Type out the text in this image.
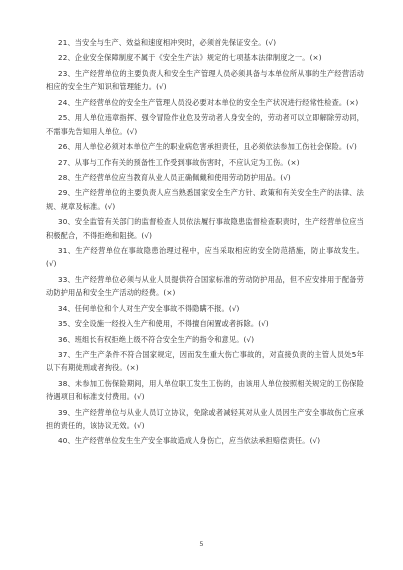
21、当安全与生产、效益和速度相冲突时，必须首先保证安全。(√)

22、企业安全保障制度不属于《安全生产法》规定的七项基本法律制度之一。(×)

23、生产经营单位的主要负责人和安全生产管理人员必须具备与本单位所从事的生产经营活动相应的安全生产知识和管理能力。(√)

24、生产经营单位的安全生产管理人员没必要对本单位的安全生产状况进行经常性检查。(×)

25、用人单位违章指挥、强令冒险作业危及劳动者人身安全的，劳动者可以立即解除劳动同，不需事先告知用人单位。(√)

26、用人单位必须对本单位产生的职业病危害承担责任，且必须依法参加工伤社会保险。(√)

27、从事与工作有关的预备性工作受到事故伤害时，不应认定为工伤。(×)

28、生产经营单位应当教育从业人员正确佩戴和使用劳动防护用品。(√)

29、生产经营单位的主要负责人应当熟悉国家安全生产方针、政策和有关安全生产的法律、法规、规章及标准。(√)

30、安全监管有关部门的监督检查人员依法履行事故隐患监督检查职责时，生产经营单位应当积极配合，不得拒绝和阻挠。(√)

31、生产经营单位在事故隐患治理过程中，应当采取相应的安全防范措施，防止事故发生。(√)

33、生产经营单位必须与从业人员提供符合国家标准的劳动防护用品，但不应安排用于配备劳动防护用品和安全生产活动的经费。(×)

34、任何单位和个人对生产安全事故不得隐瞒不报。(√)

35、安全设施一经投入生产和使用，不得擅自闲置或者拆除。(√)

36、班组长有权拒绝上级不符合安全生产的指令和意见。(√)

37、生产生产条件不符合国家规定，因而发生重大伤亡事故的，对直接负责的主管人员处5年以下有期徒刑或者拘役。(×)

38、未参加工伤保险期间，用人单位职工发生工伤的，由该用人单位按照相关规定的工伤保险待遇项目和标准支付费用。(√)

39、生产经营单位与从业人员订立协议，免除或者减轻其对从业人员因生产安全事故伤亡应承担的责任的，该协议无效。(√)

40、生产经营单位发生生产安全事故造成人身伤亡，应当依法承担赔偿责任。(√)

5
